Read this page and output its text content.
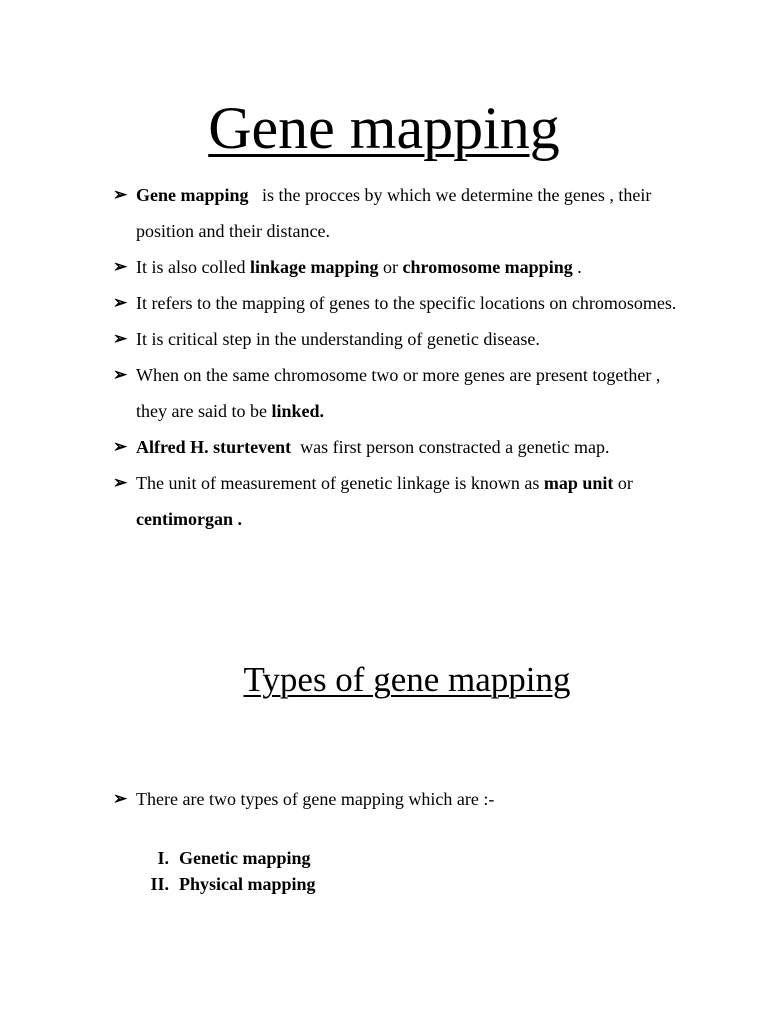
Gene mapping
➢ Gene mapping   is the procces by which we determine the genes , their position and their distance.
➢ It is also colled linkage mapping or chromosome mapping .
➢ It refers to the mapping of genes to the specific locations on chromosomes.
➢ It is critical step in the understanding of genetic disease.
➢ When on the same chromosome two or more genes are present together , they are said to be linked.
➢ Alfred H. sturtevent  was first person constracted a genetic map.
➢ The unit of measurement of genetic linkage is known as map unit or centimorgan .
Types of gene mapping
➢ There are two types of gene mapping which are :-
I. Genetic mapping
II. Physical mapping
